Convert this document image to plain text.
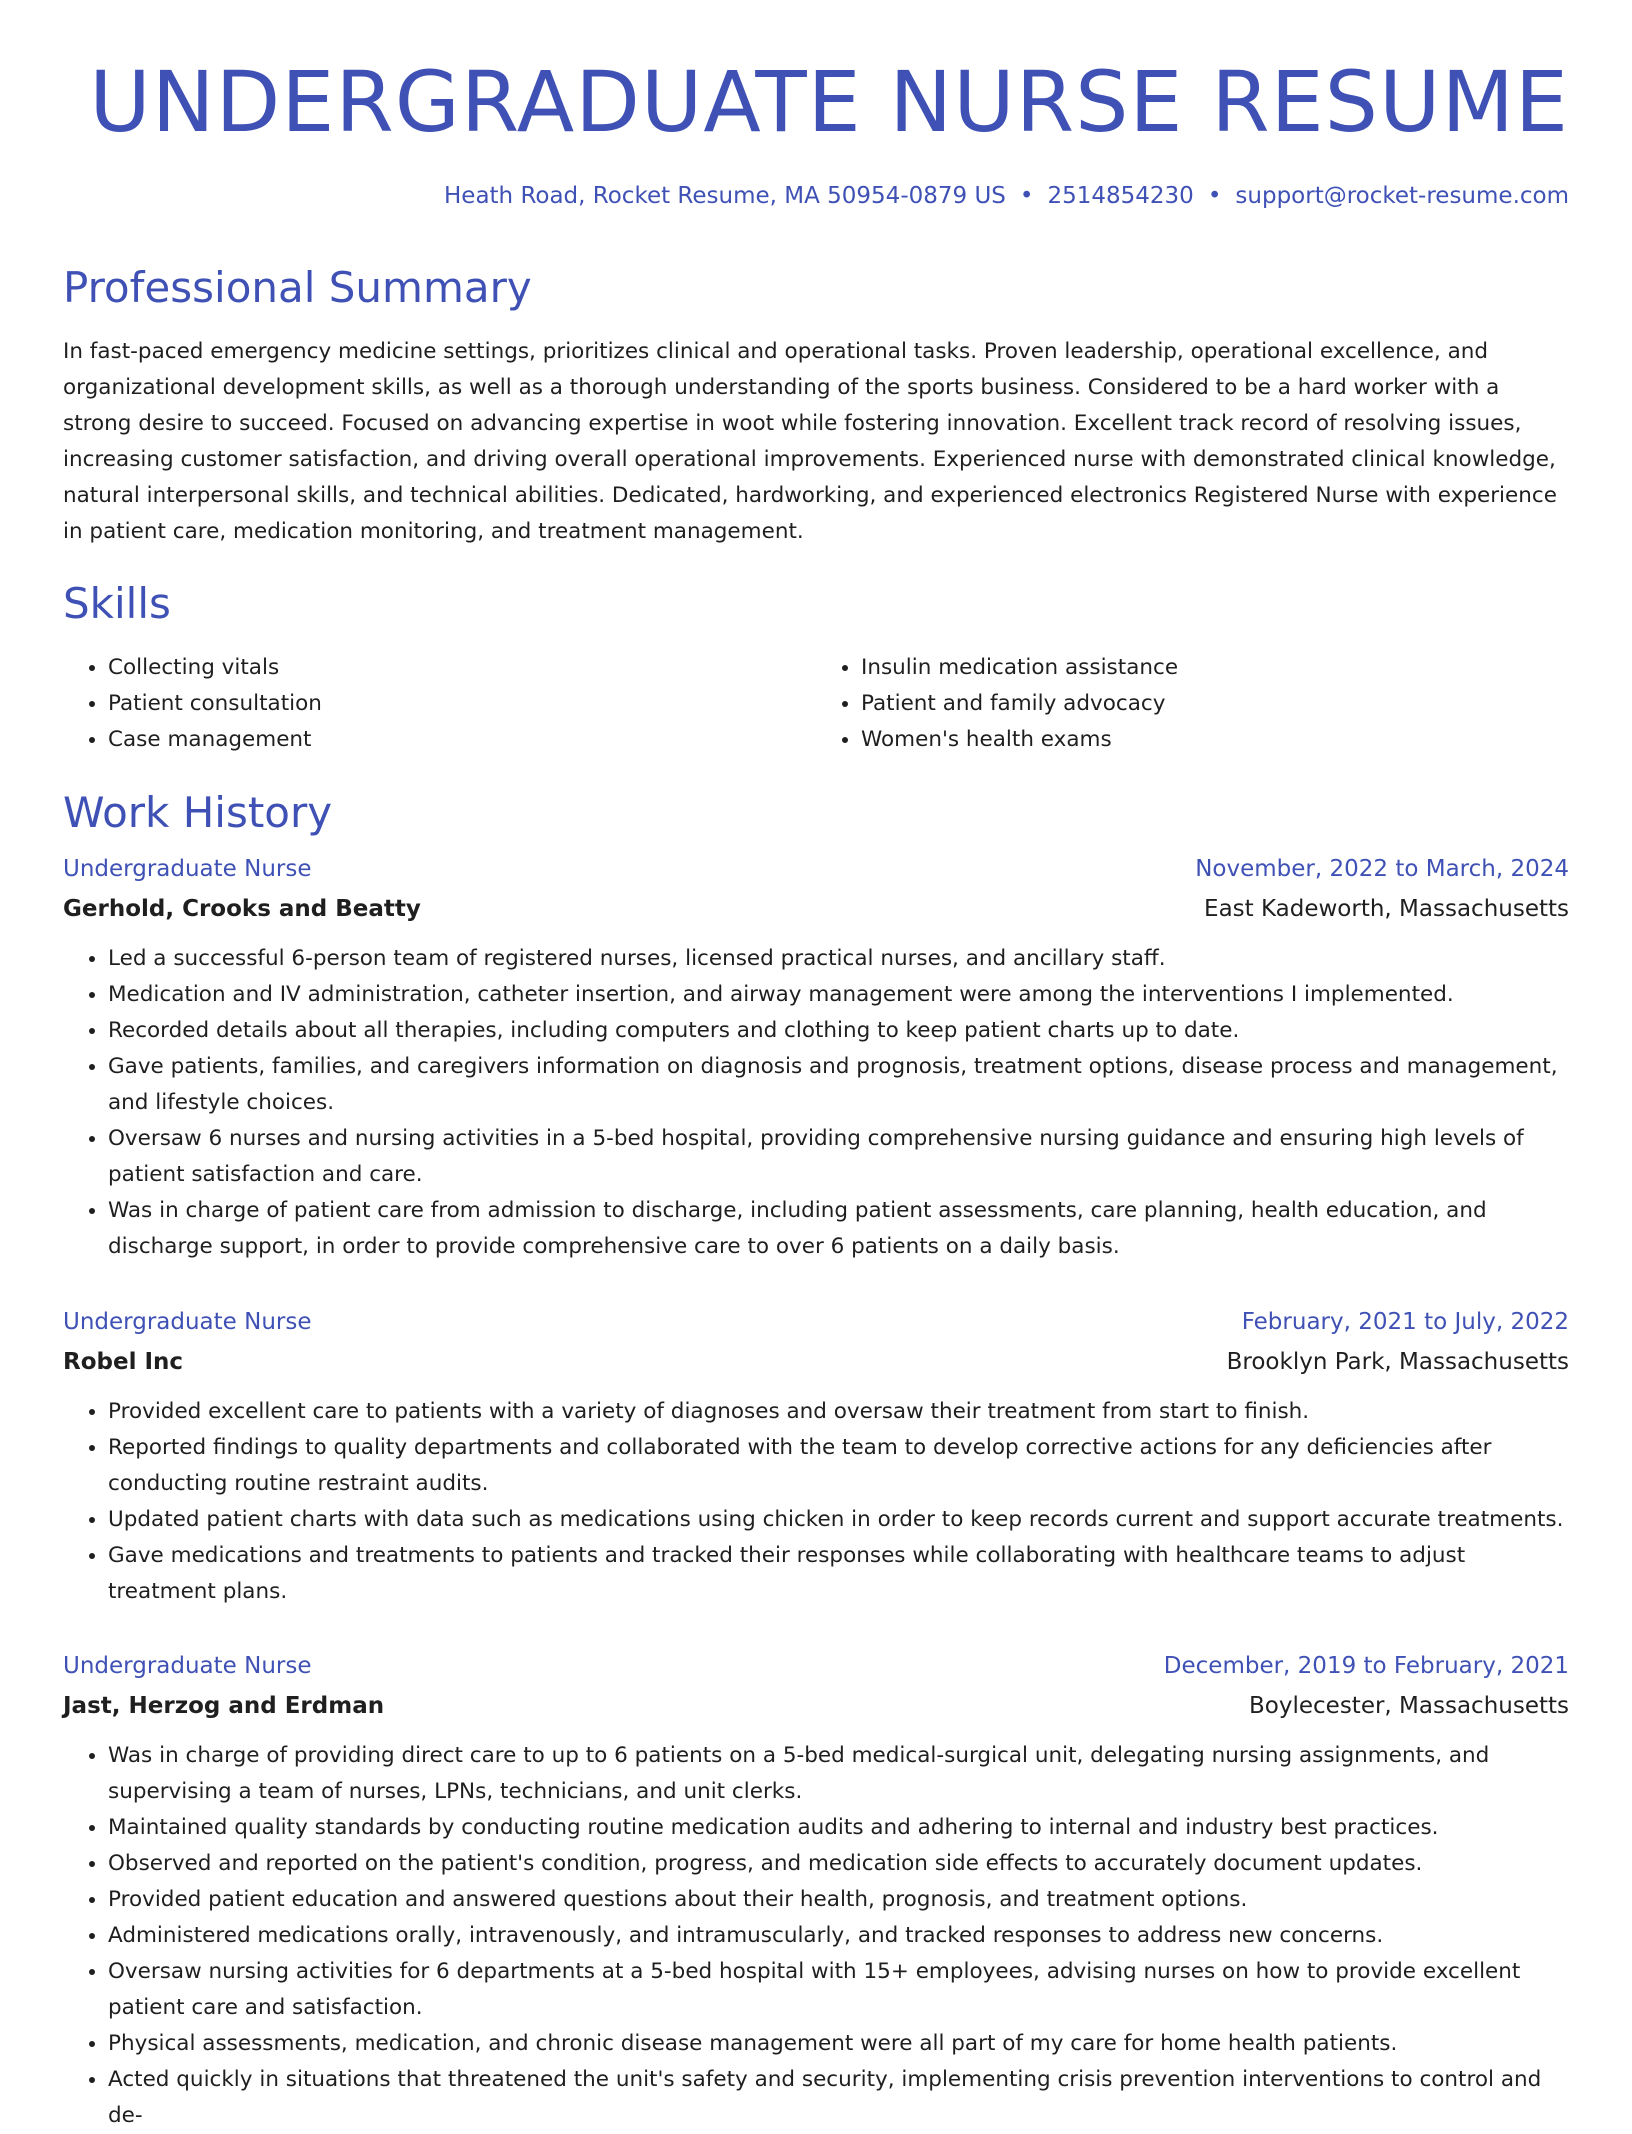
UNDERGRADUATE NURSE RESUME
Heath Road, Rocket Resume, MA 50954-0879 US • 2514854230 • support@rocket-resume.com
Professional Summary

In fast-paced emergency medicine settings, prioritizes clinical and operational tasks. Proven leadership, operational excellence, and organizational development skills, as well as a thorough understanding of the sports business. Considered to be a hard worker with a strong desire to succeed. Focused on advancing expertise in woot while fostering innovation. Excellent track record of resolving issues, increasing customer satisfaction, and driving overall operational improvements. Experienced nurse with demonstrated clinical knowledge, natural interpersonal skills, and technical abilities. Dedicated, hardworking, and experienced electronics Registered Nurse with experience in patient care, medication monitoring, and treatment management.

Skills
• Collecting vitals
• Patient consultation
• Case management
• Insulin medication assistance
• Patient and family advocacy
• Women's health exams
Work History
Undergraduate Nurse	November, 2022 to March, 2024
Gerhold, Crooks and Beatty	East Kadeworth, Massachusetts
• Led a successful 6-person team of registered nurses, licensed practical nurses, and ancillary staff.
• Medication and IV administration, catheter insertion, and airway management were among the interventions I implemented.
• Recorded details about all therapies, including computers and clothing to keep patient charts up to date.
• Gave patients, families, and caregivers information on diagnosis and prognosis, treatment options, disease process and management, and lifestyle choices.
• Oversaw 6 nurses and nursing activities in a 5-bed hospital, providing comprehensive nursing guidance and ensuring high levels of patient satisfaction and care.
• Was in charge of patient care from admission to discharge, including patient assessments, care planning, health education, and discharge support, in order to provide comprehensive care to over 6 patients on a daily basis.
Undergraduate Nurse	February, 2021 to July, 2022
Robel Inc	Brooklyn Park, Massachusetts
• Provided excellent care to patients with a variety of diagnoses and oversaw their treatment from start to finish.
• Reported findings to quality departments and collaborated with the team to develop corrective actions for any deficiencies after conducting routine restraint audits.
• Updated patient charts with data such as medications using chicken in order to keep records current and support accurate treatments.
• Gave medications and treatments to patients and tracked their responses while collaborating with healthcare teams to adjust treatment plans.
Undergraduate Nurse	December, 2019 to February, 2021
Jast, Herzog and Erdman	Boylecester, Massachusetts
• Was in charge of providing direct care to up to 6 patients on a 5-bed medical-surgical unit, delegating nursing assignments, and supervising a team of nurses, LPNs, technicians, and unit clerks.
• Maintained quality standards by conducting routine medication audits and adhering to internal and industry best practices.
• Observed and reported on the patient's condition, progress, and medication side effects to accurately document updates.
• Provided patient education and answered questions about their health, prognosis, and treatment options.
• Administered medications orally, intravenously, and intramuscularly, and tracked responses to address new concerns.
• Oversaw nursing activities for 6 departments at a 5-bed hospital with 15+ employees, advising nurses on how to provide excellent patient care and satisfaction.
• Physical assessments, medication, and chronic disease management were all part of my care for home health patients.
• Acted quickly in situations that threatened the unit's safety and security, implementing crisis prevention interventions to control and de-
